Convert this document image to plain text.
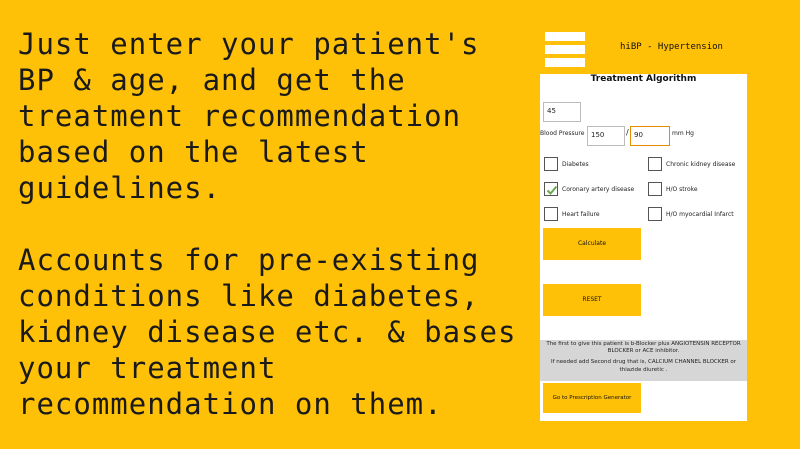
Just enter your patient's BP & age, and get the treatment recommendation based on the latest guidelines.

Accounts for pre-existing conditions like diabetes, kidney disease etc. & bases your treatment recommendation on them.

hiBP - Hypertension
Treatment Algorithm
45
Blood Pressure 150	/ 90	mm Hg
Diabetes	Chronic kidney disease
Coronary artery disease	H/O stroke
Heart failure	H/O myocardial Infarct
Calculate
RESET
The first to give this patient is b-Blocker plus ANGIOTENSIN RECEPTOR BLOCKER or ACE inhibitor.
If needed add Second drug that is, CALCIUM CHANNEL BLOCKER or thiazide diuretic .
Go to Prescription Generator
